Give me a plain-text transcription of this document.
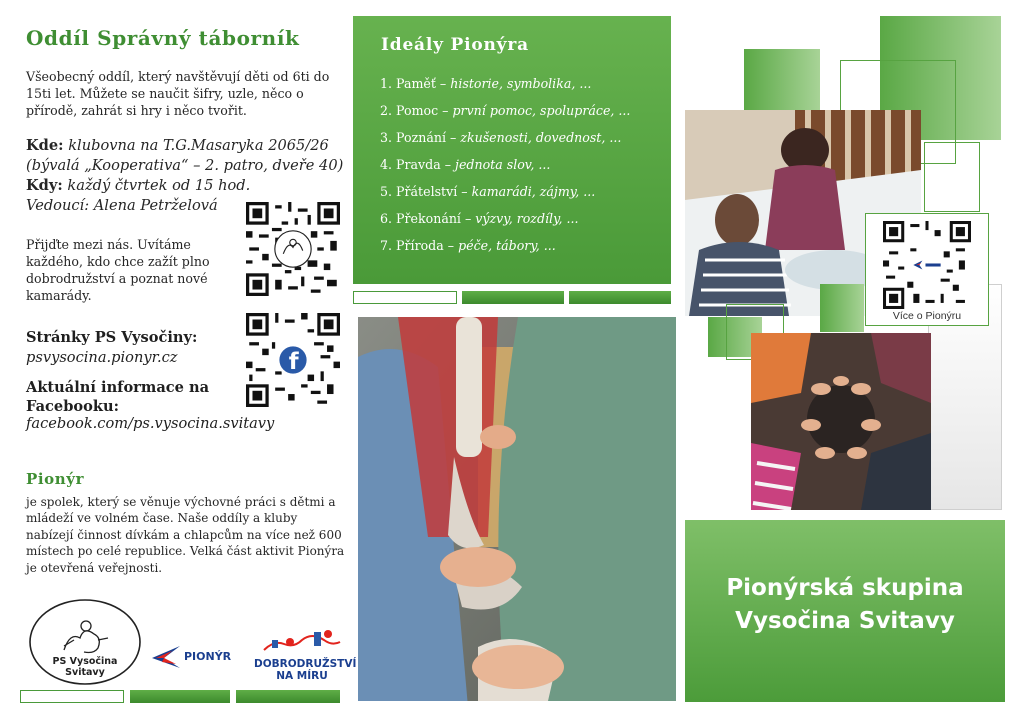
Oddíl Správný táborník
Všeobecný oddíl, který navštěvují děti od 6ti do 15ti let. Můžete se naučit šifry, uzle, něco o přírodě, zahrát si hry i něco tvořit.
Kde: klubovna na T.G.Masaryka 2065/26
(bývalá „Kooperativa“ – 2. patro, dveře 40)
Kdy: každý čtvrtek od 15 hod.
Vedoucí: Alena Petrželová
Přijďte mezi nás. Uvítáme každého, kdo chce zažít plno dobrodružství a poznat nové kamarády.
Stránky PS Vysočiny:
psvysocina.pionyr.cz	f
Aktuální informace na Facebooku:
facebook.com/ps.vysocina.svitavy
Pionýr
je spolek, který se věnuje výchovné práci s dětmi a mládeží ve volném čase. Naše oddíly a kluby nabízejí činnost dívkám a chlapcům na více než 600 místech po celé republice. Velká část aktivit Pionýra je otevřená veřejnosti.
PS Vysočina
Svitavy
PIONÝR
DOBRODRUŽSTVÍ
NA MÍRU
Ideály Pionýra
1. Paměť – historie, symbolika, ...
2. Pomoc – první pomoc, spolupráce, ...
3. Poznání – zkušenosti, dovednost, ...
4. Pravda – jednota slov, ...
5. Přátelství – kamarádi, zájmy, ...
6. Překonání – výzvy, rozdíly, ...
7. Příroda – péče, tábory, ...
Více o Pionýru
Pionýrská skupina
Vysočina Svitavy
